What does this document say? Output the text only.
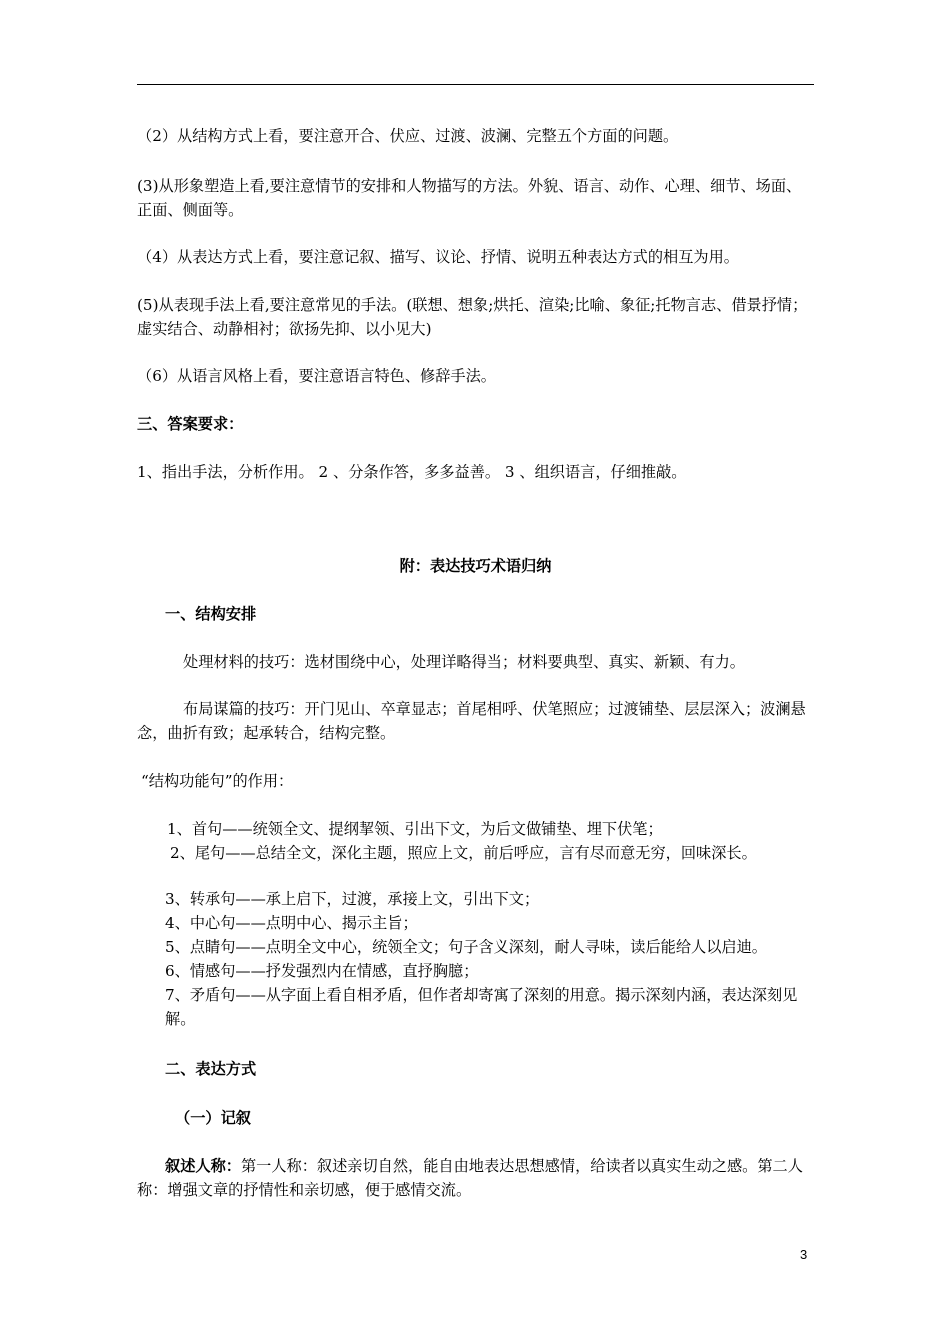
（2）从结构方式上看，要注意开合、伏应、过渡、波澜、完整五个方面的问题。

(3)从形象塑造上看,要注意情节的安排和人物描写的方法。外貌、语言、动作、心理、细节、场面、正面、侧面等。

（4）从表达方式上看，要注意记叙、描写、议论、抒情、说明五种表达方式的相互为用。

(5)从表现手法上看,要注意常见的手法。(联想、想象;烘托、渲染;比喻、象征;托物言志、借景抒情；虚实结合、动静相衬；欲扬先抑、以小见大)

（6）从语言风格上看，要注意语言特色、修辞手法。

三、答案要求：

1、指出手法，分析作用。 2 、分条作答，多多益善。 3 、组织语言，仔细推敲。

附：表达技巧术语归纳

一、结构安排

处理材料的技巧：选材围绕中心，处理详略得当；材料要典型、真实、新颖、有力。

布局谋篇的技巧：开门见山、卒章显志；首尾相呼、伏笔照应；过渡铺垫、层层深入；波澜悬念，曲折有致；起承转合，结构完整。

“结构功能句”的作用：

1、首句——统领全文、提纲挈领、引出下文，为后文做铺垫、埋下伏笔；

2、尾句——总结全文，深化主题，照应上文，前后呼应，言有尽而意无穷，回味深长。

3、转承句——承上启下，过渡，承接上文，引出下文；

4、中心句——点明中心、揭示主旨；

5、点睛句——点明全文中心，统领全文；句子含义深刻，耐人寻味，读后能给人以启迪。

6、情感句——抒发强烈内在情感，直抒胸臆；

7、矛盾句——从字面上看自相矛盾，但作者却寄寓了深刻的用意。揭示深刻内涵，表达深刻见解。

二、表达方式

（一）记叙

叙述人称：第一人称：叙述亲切自然，能自由地表达思想感情，给读者以真实生动之感。第二人称：增强文章的抒情性和亲切感，便于感情交流。

3
